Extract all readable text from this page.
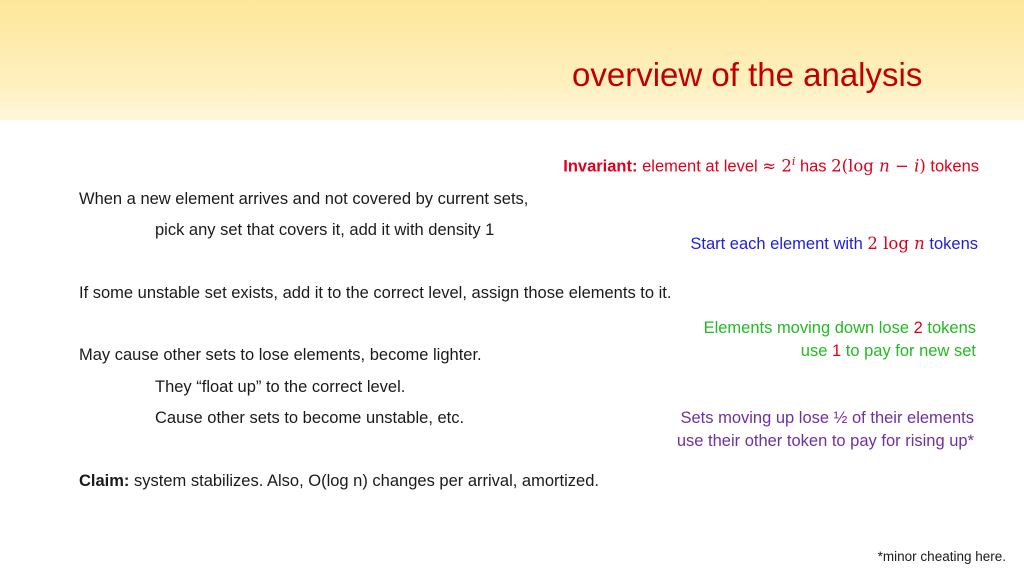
overview of the analysis
Invariant: element at level ≈ $2^i$ has 2(log n − i) tokens
When a new element arrives and not covered by current sets,
pick any set that covers it, add it with density 1
If some unstable set exists, add it to the correct level, assign those elements to it.
May cause other sets to lose elements, become lighter.
They “float up” to the correct level.
Cause other sets to become unstable, etc.
Claim: system stabilizes. Also, O(log n) changes per arrival, amortized.
Start each element with 2 log n tokens
Elements moving down lose 2 tokens
use 1 to pay for new set
Sets moving up lose ½ of their elements
use their other token to pay for rising up*
*minor cheating here.
